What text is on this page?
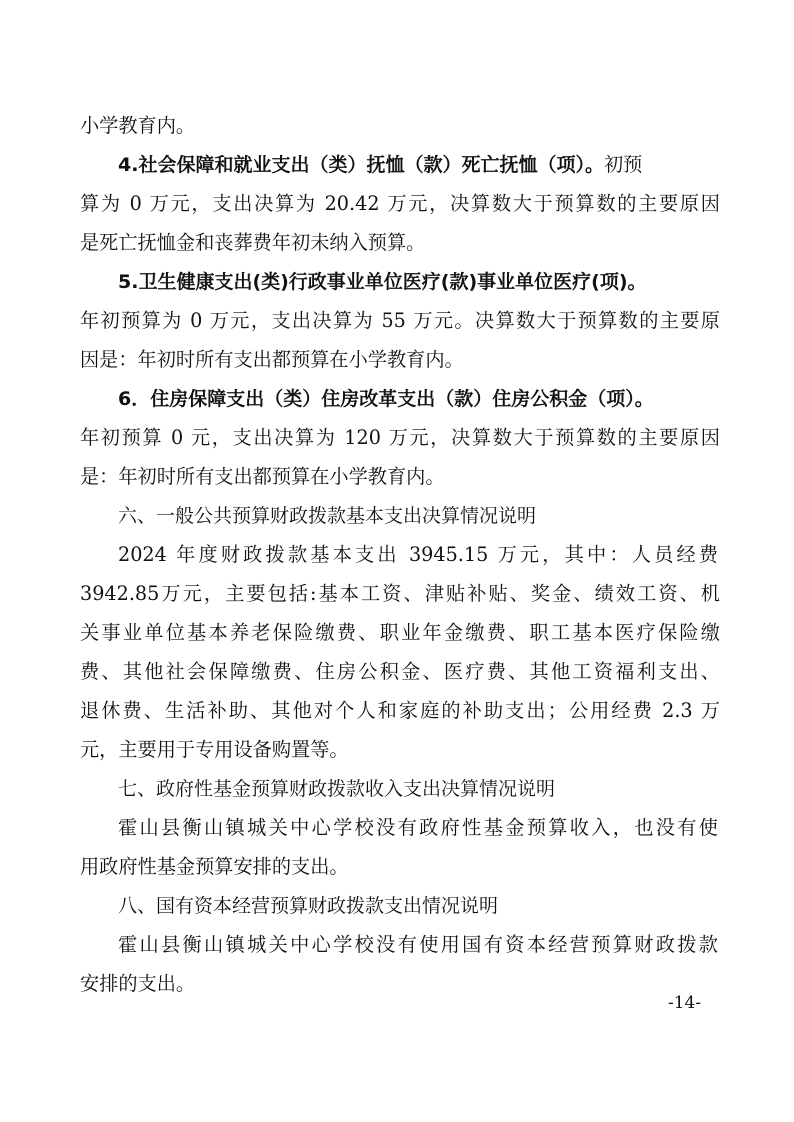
小学教育内。
4.社会保障和就业支出（类）抚恤（款）死亡抚恤（项）。初预
算为 0 万元，支出决算为 20.42 万元，决算数大于预算数的主要原因
是死亡抚恤金和丧葬费年初未纳入预算。
5.卫生健康支出(类)行政事业单位医疗(款)事业单位医疗(项)。
年初预算为 0 万元，支出决算为 55 万元。决算数大于预算数的主要原
因是：年初时所有支出都预算在小学教育内。
6．住房保障支出（类）住房改革支出（款）住房公积金（项）。
年初预算 0 元，支出决算为 120 万元，决算数大于预算数的主要原因
是：年初时所有支出都预算在小学教育内。
六、一般公共预算财政拨款基本支出决算情况说明
2024 年度财政拨款基本支出 3945.15 万元，其中：人员经费
3942.85万元，主要包括:基本工资、津贴补贴、奖金、绩效工资、机
关事业单位基本养老保险缴费、职业年金缴费、职工基本医疗保险缴
费、其他社会保障缴费、住房公积金、医疗费、其他工资福利支出、
退休费、生活补助、其他对个人和家庭的补助支出；公用经费 2.3 万
元，主要用于专用设备购置等。
七、政府性基金预算财政拨款收入支出决算情况说明
霍山县衡山镇城关中心学校没有政府性基金预算收入，也没有使
用政府性基金预算安排的支出。
八、国有资本经营预算财政拨款支出情况说明
霍山县衡山镇城关中心学校没有使用国有资本经营预算财政拨款
安排的支出。
-14-
